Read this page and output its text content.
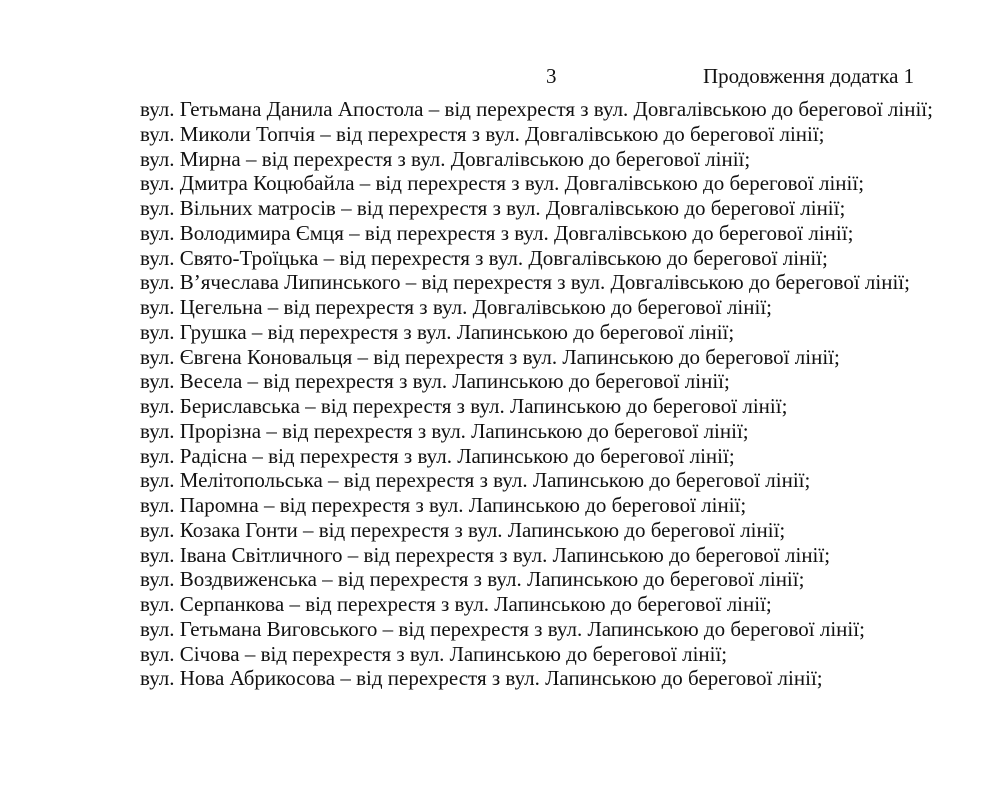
3	Продовження додатка 1

вул. Гетьмана Данила Апостола – від перехрестя з вул. Довгалівською до берегової лінії;

вул. Миколи Топчія – від перехрестя з вул. Довгалівською до берегової лінії;

вул. Мирна – від перехрестя з вул. Довгалівською до берегової лінії;

вул. Дмитра Коцюбайла – від перехрестя з вул. Довгалівською до берегової лінії;

вул. Вільних матросів – від перехрестя з вул. Довгалівською до берегової лінії;

вул. Володимира Ємця – від перехрестя з вул. Довгалівською до берегової лінії;

вул. Свято-Троїцька – від перехрестя з вул. Довгалівською до берегової лінії;

вул. В’ячеслава Липинського – від перехрестя з вул. Довгалівською до берегової лінії;

вул. Цегельна – від перехрестя з вул. Довгалівською до берегової лінії;

вул. Грушка – від перехрестя з вул. Лапинською до берегової лінії;

вул. Євгена Коновальця – від перехрестя з вул. Лапинською до берегової лінії;

вул. Весела – від перехрестя з вул. Лапинською до берегової лінії;

вул. Бериславська – від перехрестя з вул. Лапинською до берегової лінії;

вул. Прорізна – від перехрестя з вул. Лапинською до берегової лінії;

вул. Радісна – від перехрестя з вул. Лапинською до берегової лінії;

вул. Мелітопольська – від перехрестя з вул. Лапинською до берегової лінії;

вул. Паромна – від перехрестя з вул. Лапинською до берегової лінії;

вул. Козака Гонти – від перехрестя з вул. Лапинською до берегової лінії;

вул. Івана Світличного – від перехрестя з вул. Лапинською до берегової лінії;

вул. Воздвиженська – від перехрестя з вул. Лапинською до берегової лінії;

вул. Серпанкова – від перехрестя з вул. Лапинською до берегової лінії;

вул. Гетьмана Виговського – від перехрестя з вул. Лапинською до берегової лінії;

вул. Січова – від перехрестя з вул. Лапинською до берегової лінії;

вул. Нова Абрикосова – від перехрестя з вул. Лапинською до берегової лінії;
